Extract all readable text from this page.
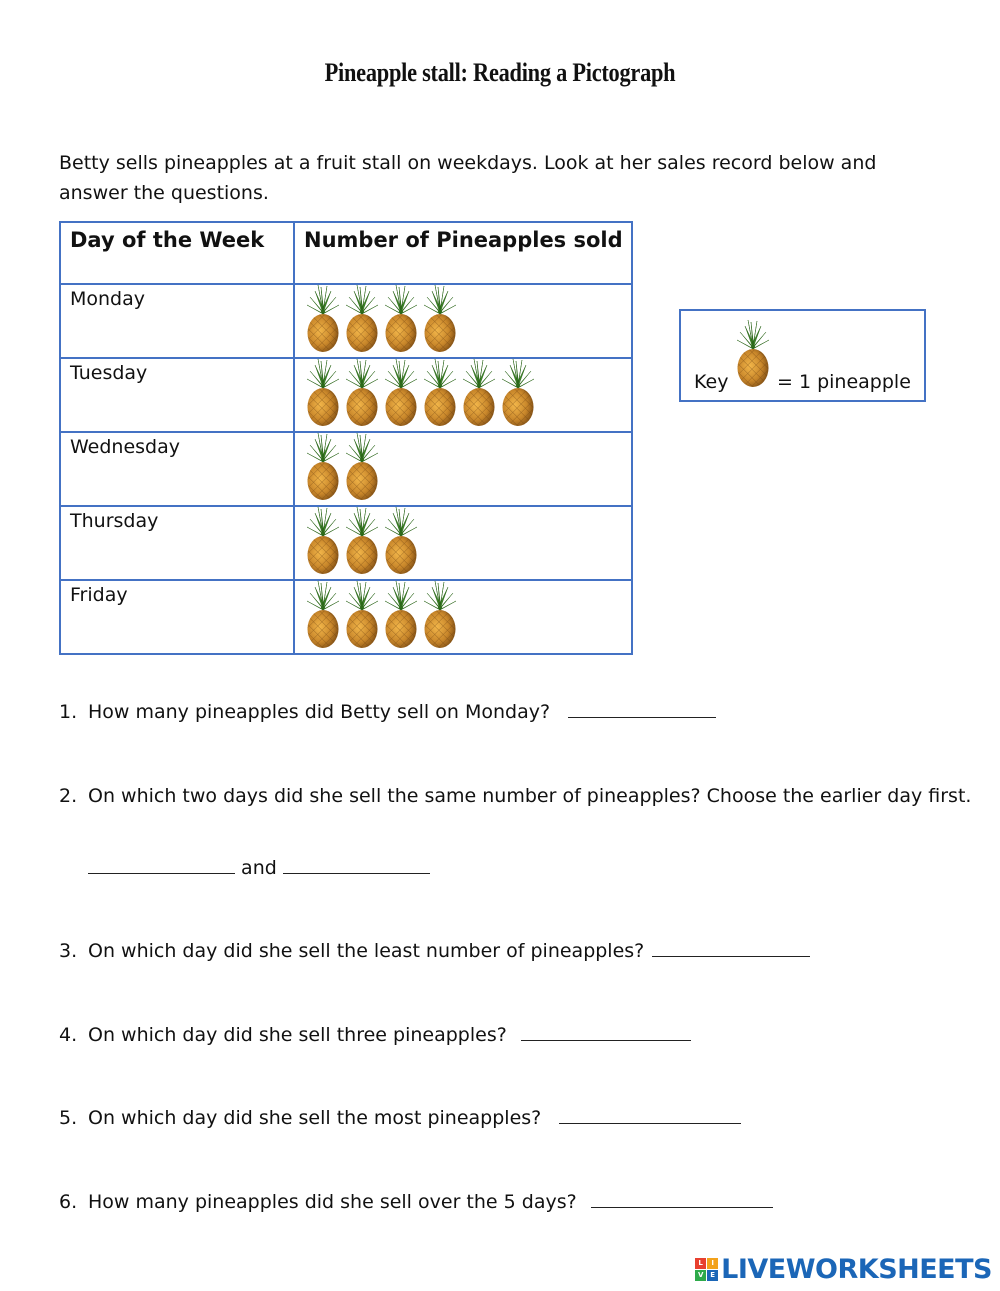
Pineapple stall: Reading a Pictograph
Betty sells pineapples at a fruit stall on weekdays. Look at her sales record below and answer the questions.
Day of the Week	Number of Pineapples sold
Monday	

Tuesday	

Wednesday	

Thursday	

Friday	
Key	= 1 pineapple
1. How many pineapples did Betty sell on Monday?
2. On which two days did she sell the same number of pineapples? Choose the earlier day first.
and
3. On which day did she sell the least number of pineapples?
4. On which day did she sell three pineapples?
5. On which day did she sell the most pineapples?
6. How many pineapples did she sell over the 5 days?
L	I
V E LIVEWORKSHEETS
